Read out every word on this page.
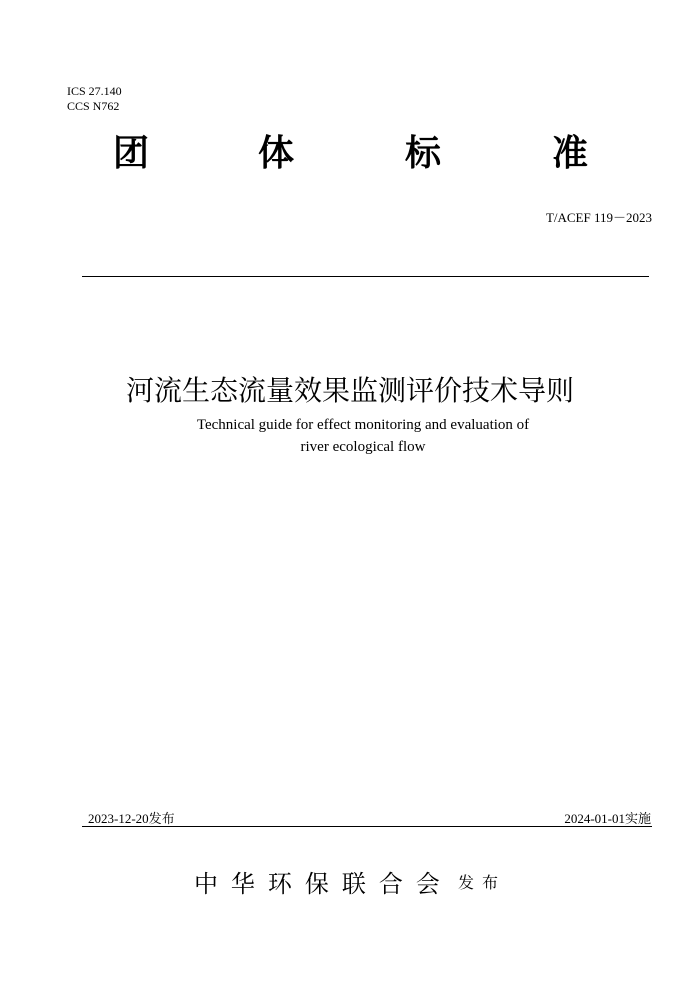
ICS 27.140
CCS N762
团	体	标	准
T/ACEF 119－2023
河流生态流量效果监测评价技术导则
Technical guide for effect monitoring and evaluation of
river ecological flow
2023-12-20发布	2024-01-01实施
中华环保联合会 发布
